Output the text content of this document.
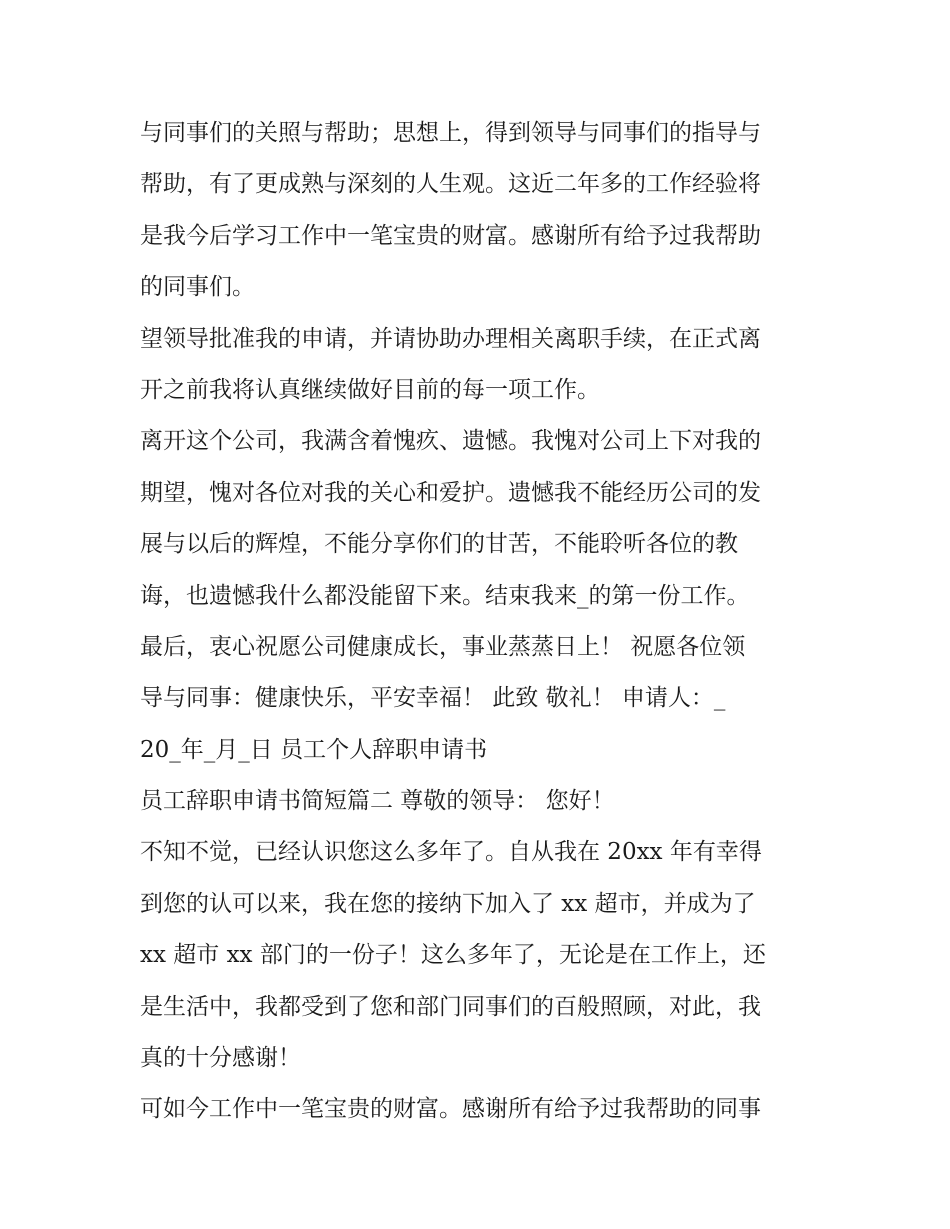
与同事们的关照与帮助；思想上，得到领导与同事们的指导与
帮助，有了更成熟与深刻的人生观。这近二年多的工作经验将
是我今后学习工作中一笔宝贵的财富。感谢所有给予过我帮助
的同事们。
望领导批准我的申请，并请协助办理相关离职手续，在正式离
开之前我将认真继续做好目前的每一项工作。
离开这个公司，我满含着愧疚、遗憾。我愧对公司上下对我的
期望，愧对各位对我的关心和爱护。遗憾我不能经历公司的发
展与以后的辉煌，不能分享你们的甘苦，不能聆听各位的教
诲，也遗憾我什么都没能留下来。结束我来_的第一份工作。
最后，衷心祝愿公司健康成长，事业蒸蒸日上！ 祝愿各位领
导与同事：健康快乐，平安幸福！ 此致 敬礼！ 申请人：_
20_年_月_日 员工个人辞职申请书
员工辞职申请书简短篇二 尊敬的领导： 您好！
不知不觉，已经认识您这么多年了。自从我在 20xx 年有幸得
到您的认可以来，我在您的接纳下加入了 xx 超市，并成为了
xx 超市 xx 部门的一份子！这么多年了，无论是在工作上，还
是生活中，我都受到了您和部门同事们的百般照顾，对此，我
真的十分感谢！
可如今工作中一笔宝贵的财富。感谢所有给予过我帮助的同事
